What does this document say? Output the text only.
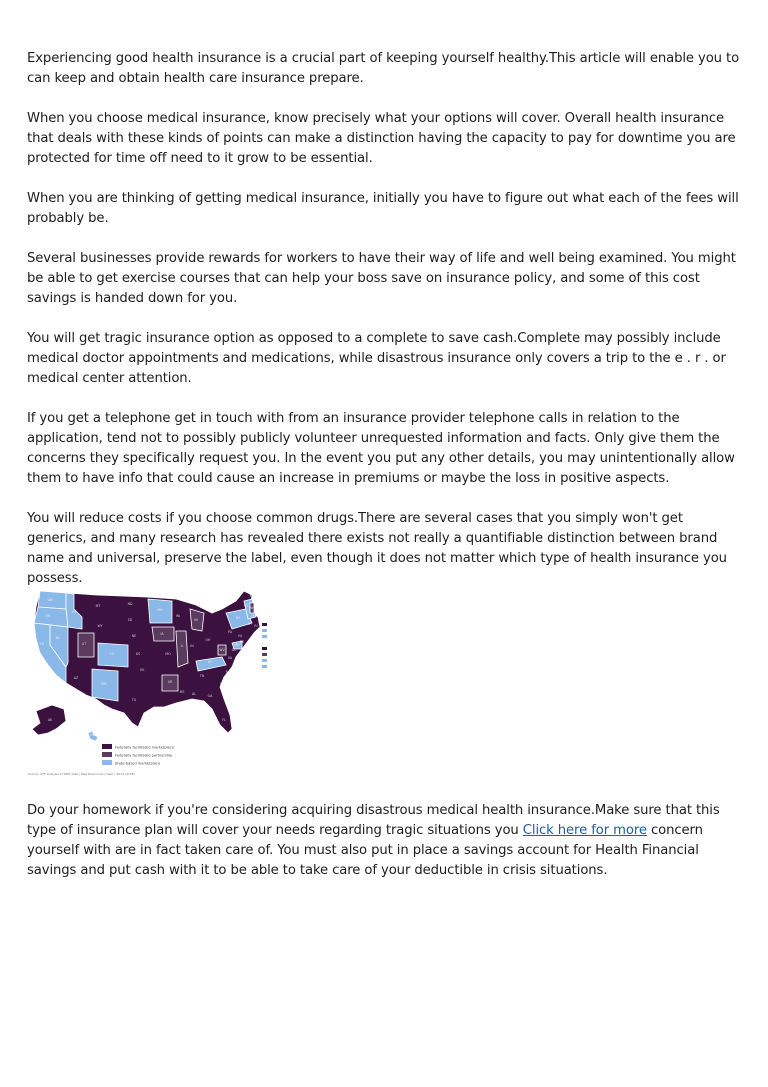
Experiencing good health insurance is a crucial part of keeping yourself healthy.This article will enable you to can keep and obtain health care insurance prepare.

When you choose medical insurance, know precisely what your options will cover. Overall health insurance that deals with these kinds of points can make a distinction having the capacity to pay for downtime you are protected for time off need to it grow to be essential.

When you are thinking of getting medical insurance, initially you have to figure out what each of the fees will probably be.

Several businesses provide rewards for workers to have their way of life and well being examined. You might be able to get exercise courses that can help your boss save on insurance policy, and some of this cost savings is handed down for you.

You will get tragic insurance option as opposed to a complete to save cash.Complete may possibly include medical doctor appointments and medications, while disastrous insurance only covers a trip to the e . r . or medical center attention.

If you get a telephone get in touch with from an insurance provider telephone calls in relation to the application, tend not to possibly publicly volunteer unrequested information and facts. Only give them the concerns they specifically request you. In the event you put any other details, you may unintentionally allow them to have info that could cause an increase in premiums or maybe the loss in positive aspects.

You will reduce costs if you choose common drugs.There are several cases that you simply won't get generics, and many research has revealed there exists not really a quantifiable distinction between brand name and universal, preserve the label, even though it does not matter which type of health insurance you possess.

WA
OR
CA
NV
ID
MT
WY
UT
CO
AZ
NM
ND
SD
NE
KS
OK
TX
MN
IA
MO
AR
LA
WI
IL
MI
IN
OH
KY
TN
MS AL	GA
FL
SC
NC
VA
WV
PA
NY
ME
VT NH
MA
CT RI
NJ
DE
MD
DC
AK
HI
Federally facilitated marketplace
Federally facilitated partnership
State-based marketplace
Source: KFF analysis of DHR data | Map Resources (map) | 2013-10-TBI

Do your homework if you're considering acquiring disastrous medical health insurance.Make sure that this type of insurance plan will cover your needs regarding tragic situations you Click here for more concern yourself with are in fact taken care of. You must also put in place a savings account for Health Financial savings and put cash with it to be able to take care of your deductible in crisis situations.
